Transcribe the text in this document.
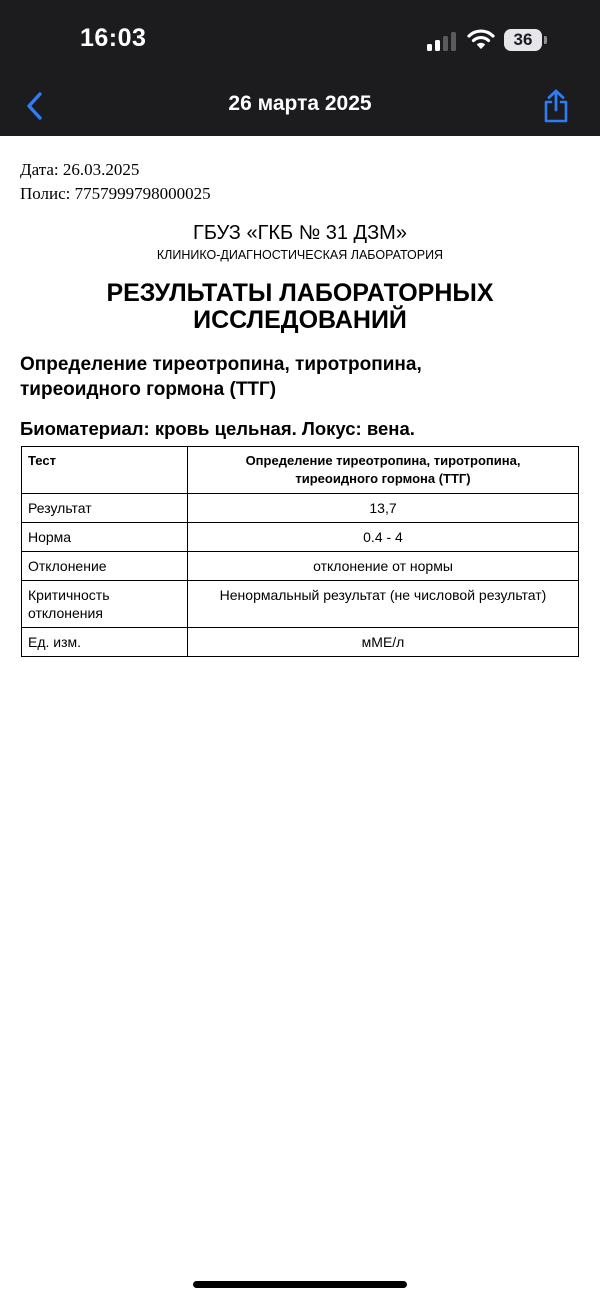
16:03	36
26 марта 2025
Дата: 26.03.2025
Полис: 7757999798000025
ГБУЗ «ГКБ № 31 ДЗМ»
КЛИНИКО-ДИАГНОСТИЧЕСКАЯ ЛАБОРАТОРИЯ
РЕЗУЛЬТАТЫ ЛАБОРАТОРНЫХ
ИССЛЕДОВАНИЙ
Определение тиреотропина, тиротропина,
тиреоидного гормона (ТТГ)
Биоматериал: кровь цельная. Локус: вена.
Тест	Определение тиреотропина, тиротропина,
тиреоидного гормона (ТТГ)

Результат	13,7
Норма	0.4 - 4
Отклонение	отклонение от нормы

Критичность
отклонения	Ненормальный результат (не числовой результат)
Ед. изм.	мМЕ/л
